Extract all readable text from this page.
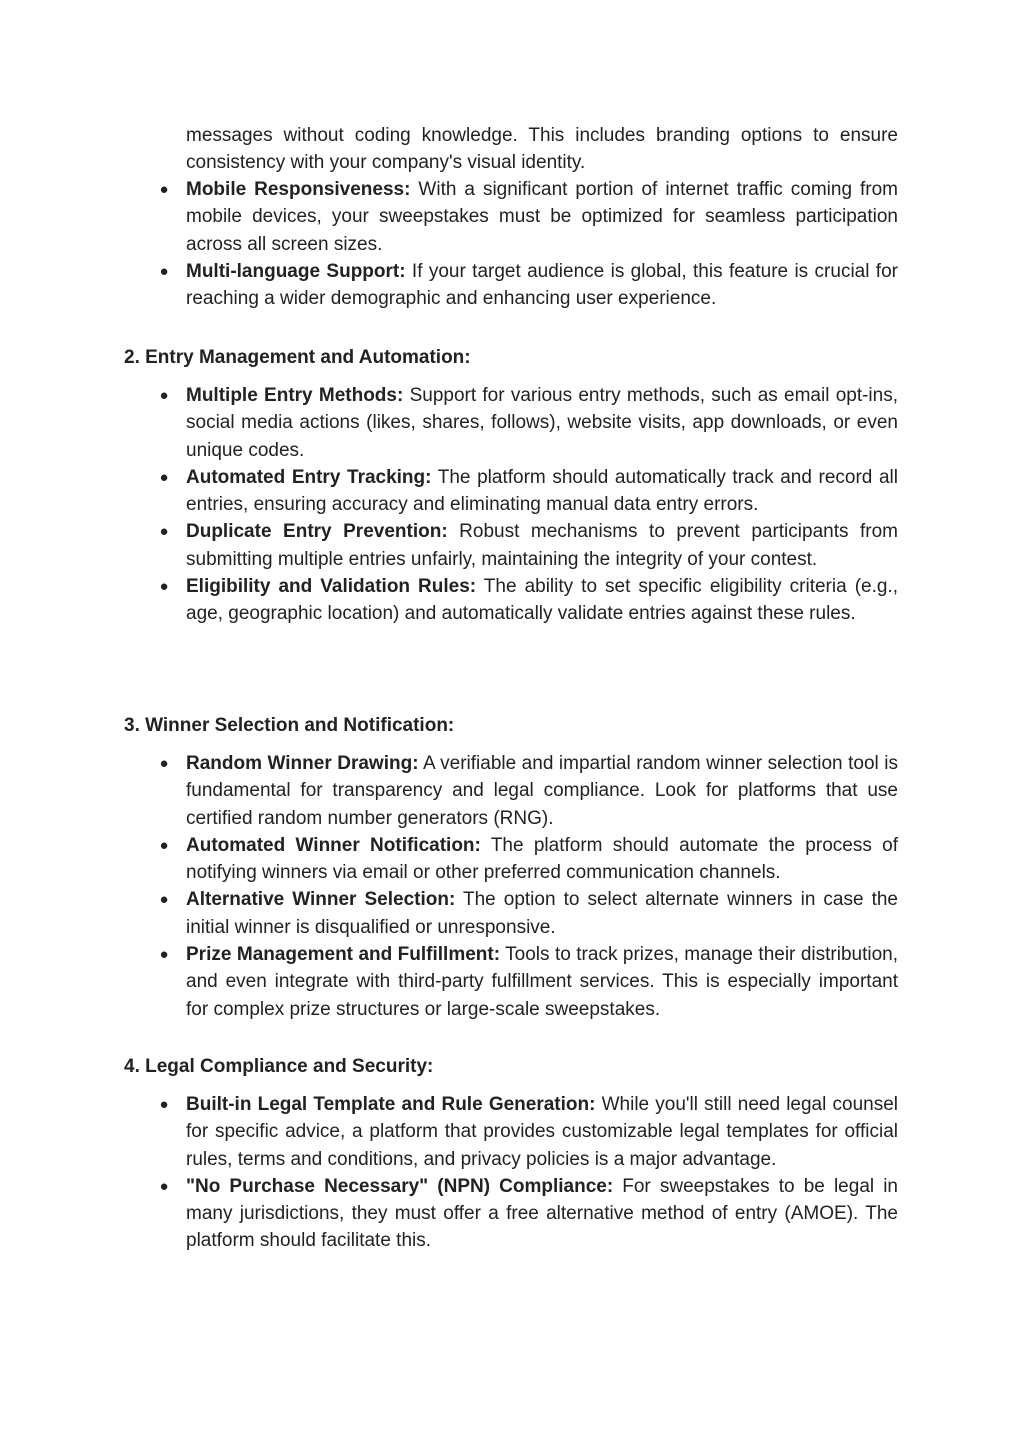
messages without coding knowledge. This includes branding options to ensure consistency with your company's visual identity.

● Mobile Responsiveness: With a significant portion of internet traffic coming from mobile devices, your sweepstakes must be optimized for seamless participation across all screen sizes.
● Multi-language Support: If your target audience is global, this feature is crucial for reaching a wider demographic and enhancing user experience.
2. Entry Management and Automation:
● Multiple Entry Methods: Support for various entry methods, such as email opt-ins, social media actions (likes, shares, follows), website visits, app downloads, or even unique codes.
● Automated Entry Tracking: The platform should automatically track and record all entries, ensuring accuracy and eliminating manual data entry errors.
● Duplicate Entry Prevention: Robust mechanisms to prevent participants from submitting multiple entries unfairly, maintaining the integrity of your contest.
● Eligibility and Validation Rules: The ability to set specific eligibility criteria (e.g., age, geographic location) and automatically validate entries against these rules.
3. Winner Selection and Notification:
● Random Winner Drawing: A verifiable and impartial random winner selection tool is fundamental for transparency and legal compliance. Look for platforms that use certified random number generators (RNG).
● Automated Winner Notification: The platform should automate the process of notifying winners via email or other preferred communication channels.
● Alternative Winner Selection: The option to select alternate winners in case the initial winner is disqualified or unresponsive.
● Prize Management and Fulfillment: Tools to track prizes, manage their distribution, and even integrate with third-party fulfillment services. This is especially important for complex prize structures or large-scale sweepstakes.
4. Legal Compliance and Security:
● Built-in Legal Template and Rule Generation: While you'll still need legal counsel for specific advice, a platform that provides customizable legal templates for official rules, terms and conditions, and privacy policies is a major advantage.
● "No Purchase Necessary" (NPN) Compliance: For sweepstakes to be legal in many jurisdictions, they must offer a free alternative method of entry (AMOE). The platform should facilitate this.
